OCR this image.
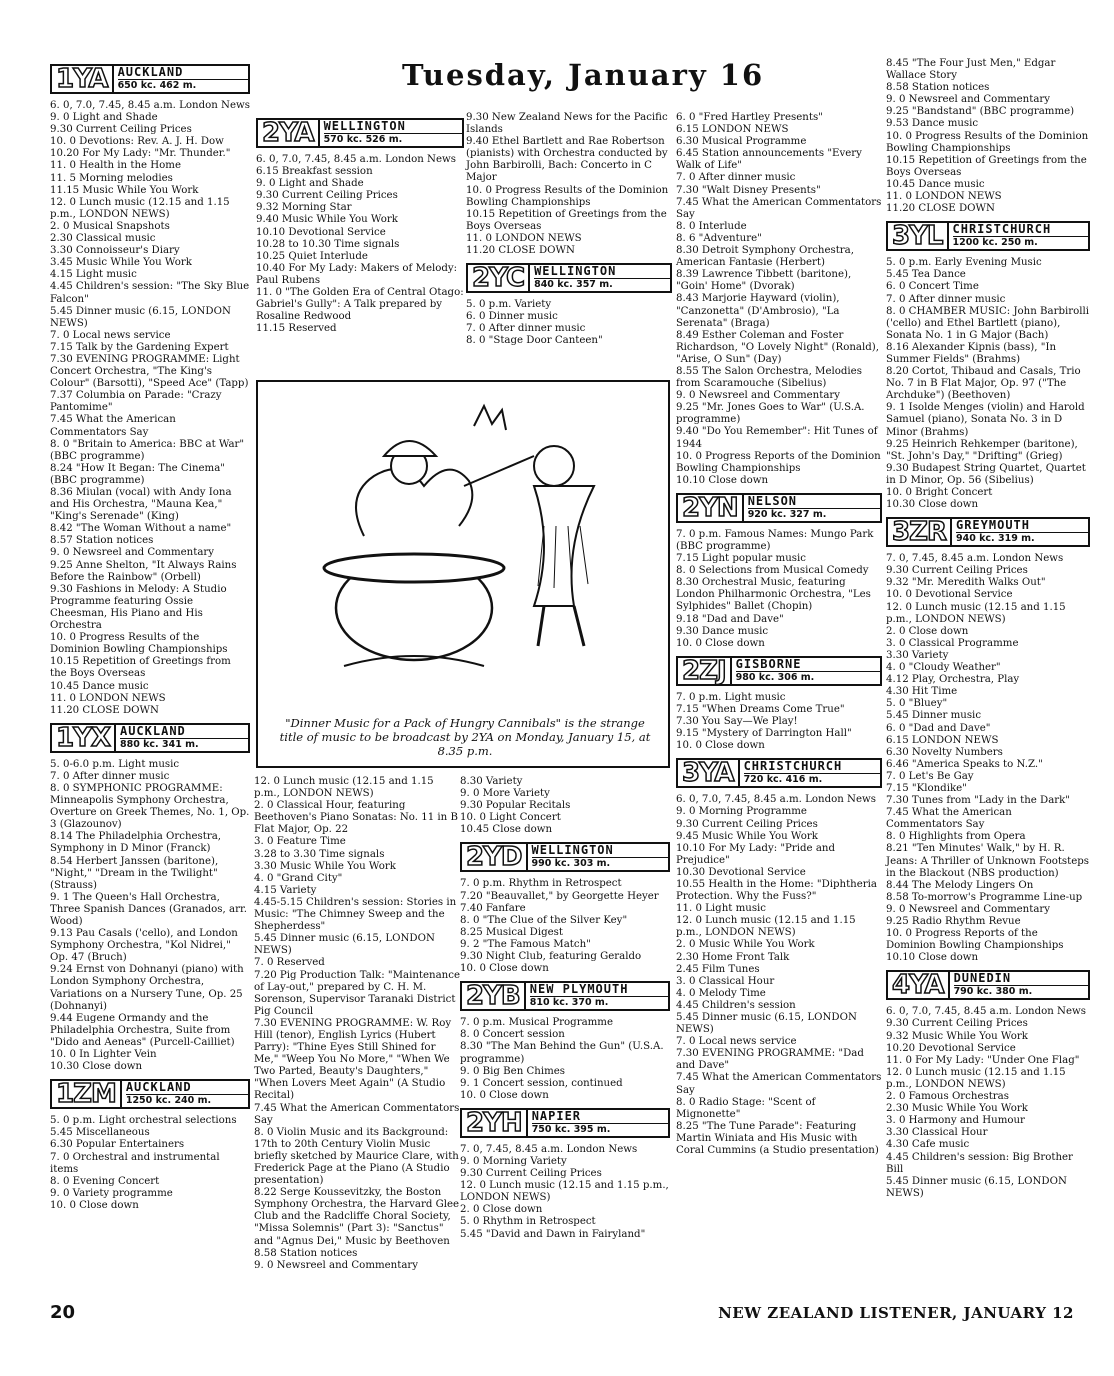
Tuesday, January 16
1YA AUCKLAND
650 kc. 462 m.
6. 0, 7.0, 7.45, 8.45 a.m. London News
9. 0 Light and Shade
9.30 Current Ceiling Prices
10. 0 Devotions: Rev. A. J. H. Dow
10.20 For My Lady: "Mr. Thunder."
11. 0 Health in the Home
11. 5 Morning melodies
11.15 Music While You Work
12. 0 Lunch music (12.15 and 1.15 p.m., LONDON NEWS)
2. 0 Musical Snapshots
2.30 Classical music
3.30 Connoisseur's Diary
3.45 Music While You Work
4.15 Light music
4.45 Children's session: "The Sky Blue Falcon"
5.45 Dinner music (6.15, LONDON NEWS)
7. 0 Local news service
7.15 Talk by the Gardening Expert
7.30 EVENING PROGRAMME: Light Concert Orchestra, "The King's Colour" (Barsotti), "Speed Ace" (Tapp)
7.37 Columbia on Parade: "Crazy Pantomime"
7.45 What the American Commentators Say
8. 0 "Britain to America: BBC at War" (BBC programme)
8.24 "How It Began: The Cinema" (BBC programme)
8.36 Miulan (vocal) with Andy Iona and His Orchestra, "Mauna Kea," "King's Serenade" (King)
8.42 "The Woman Without a name"
8.57 Station notices
9. 0 Newsreel and Commentary
9.25 Anne Shelton, "It Always Rains Before the Rainbow" (Orbell)
9.30 Fashions in Melody: A Studio Programme featuring Ossie Cheesman, His Piano and His Orchestra
10. 0 Progress Results of the Dominion Bowling Championships
10.15 Repetition of Greetings from the Boys Overseas
10.45 Dance music
11. 0 LONDON NEWS
11.20 CLOSE DOWN
1YX AUCKLAND
880 kc. 341 m.
5. 0-6.0 p.m. Light music
7. 0 After dinner music
8. 0 SYMPHONIC PROGRAMME: Minneapolis Symphony Orchestra, Overture on Greek Themes, No. 1, Op. 3 (Glazounov)
8.14 The Philadelphia Orchestra, Symphony in D Minor (Franck)
8.54 Herbert Janssen (baritone), "Night," "Dream in the Twilight" (Strauss)
9. 1 The Queen's Hall Orchestra, Three Spanish Dances (Granados, arr. Wood)
9.13 Pau Casals ('cello), and London Symphony Orchestra, "Kol Nidrei," Op. 47 (Bruch)
9.24 Ernst von Dohnanyi (piano) with London Symphony Orchestra, Variations on a Nursery Tune, Op. 25 (Dohnanyi)
9.44 Eugene Ormandy and the Philadelphia Orchestra, Suite from "Dido and Aeneas" (Purcell-Cailliet)
10. 0 In Lighter Vein
10.30 Close down
1ZM AUCKLAND
1250 kc. 240 m.
5. 0 p.m. Light orchestral selections
5.45 Miscellaneous
6.30 Popular Entertainers
7. 0 Orchestral and instrumental items
8. 0 Evening Concert
9. 0 Variety programme
10. 0 Close down
2YA WELLINGTON
570 kc. 526 m.
6. 0, 7.0, 7.45, 8.45 a.m. London News
6.15 Breakfast session
9. 0 Light and Shade
9.30 Current Ceiling Prices
9.32 Morning Star
9.40 Music While You Work
10.10 Devotional Service
10.28 to 10.30 Time signals
10.25 Quiet Interlude
10.40 For My Lady: Makers of Melody: Paul Rubens
11. 0 "The Golden Era of Central Otago: Gabriel's Gully": A Talk prepared by Rosaline Redwood
11.15 Reserved
9.30 New Zealand News for the Pacific Islands
9.40 Ethel Bartlett and Rae Robertson (pianists) with Orchestra conducted by John Barbirolli, Bach: Concerto in C Major
10. 0 Progress Results of the Dominion Bowling Championships
10.15 Repetition of Greetings from the Boys Overseas
11. 0 LONDON NEWS
11.20 CLOSE DOWN
2YC WELLINGTON
840 kc. 357 m.
5. 0 p.m. Variety
6. 0 Dinner music
7. 0 After dinner music
8. 0 "Stage Door Canteen"
"Dinner Music for a Pack of Hungry Cannibals" is the strange title of music to be broadcast by 2YA on Monday, January 15, at 8.35 p.m.
12. 0 Lunch music (12.15 and 1.15 p.m., LONDON NEWS)
2. 0 Classical Hour, featuring Beethoven's Piano Sonatas: No. 11 in B Flat Major, Op. 22
3. 0 Feature Time
3.28 to 3.30 Time signals
3.30 Music While You Work
4. 0 "Grand City"
4.15 Variety
4.45-5.15 Children's session: Stories in Music: "The Chimney Sweep and the Shepherdess"
5.45 Dinner music (6.15, LONDON NEWS)
7. 0 Reserved
7.20 Pig Production Talk: "Maintenance of Lay-out," prepared by C. H. M. Sorenson, Supervisor Taranaki District Pig Council
7.30 EVENING PROGRAMME: W. Roy Hill (tenor), English Lyrics (Hubert Parry): "Thine Eyes Still Shined for Me," "Weep You No More," "When We Two Parted, Beauty's Daughters," "When Lovers Meet Again" (A Studio Recital)
7.45 What the American Commentators Say
8. 0 Violin Music and its Background: 17th to 20th Century Violin Music briefly sketched by Maurice Clare, with Frederick Page at the Piano (A Studio presentation)
8.22 Serge Koussevitzky, the Boston Symphony Orchestra, the Harvard Glee Club and the Radcliffe Choral Society, "Missa Solemnis" (Part 3): "Sanctus" and "Agnus Dei," Music by Beethoven
8.58 Station notices
9. 0 Newsreel and Commentary
8.30 Variety
9. 0 More Variety
9.30 Popular Recitals
10. 0 Light Concert
10.45 Close down
2YD WELLINGTON
990 kc. 303 m.
7. 0 p.m. Rhythm in Retrospect
7.20 "Beauvallet," by Georgette Heyer
7.40 Fanfare
8. 0 "The Clue of the Silver Key"
8.25 Musical Digest
9. 2 "The Famous Match"
9.30 Night Club, featuring Geraldo
10. 0 Close down
2YB NEW PLYMOUTH
810 kc. 370 m.
7. 0 p.m. Musical Programme
8. 0 Concert session
8.30 "The Man Behind the Gun" (U.S.A. programme)
9. 0 Big Ben Chimes
9. 1 Concert session, continued
10. 0 Close down
2YH NAPIER
750 kc. 395 m.
7. 0, 7.45, 8.45 a.m. London News
9. 0 Morning Variety
9.30 Current Ceiling Prices
12. 0 Lunch music (12.15 and 1.15 p.m., LONDON NEWS)
2. 0 Close down
5. 0 Rhythm in Retrospect
5.45 "David and Dawn in Fairyland"
6. 0 "Fred Hartley Presents"
6.15 LONDON NEWS
6.30 Musical Programme
6.45 Station announcements "Every Walk of Life"
7. 0 After dinner music
7.30 "Walt Disney Presents"
7.45 What the American Commentators Say
8. 0 Interlude
8. 6 "Adventure"
8.30 Detroit Symphony Orchestra, American Fantasie (Herbert)
8.39 Lawrence Tibbett (baritone), "Goin' Home" (Dvorak)
8.43 Marjorie Hayward (violin), "Canzonetta" (D'Ambrosio), "La Serenata" (Braga)
8.49 Esther Coleman and Foster Richardson, "O Lovely Night" (Ronald), "Arise, O Sun" (Day)
8.55 The Salon Orchestra, Melodies from Scaramouche (Sibelius)
9. 0 Newsreel and Commentary
9.25 "Mr. Jones Goes to War" (U.S.A. programme)
9.40 "Do You Remember": Hit Tunes of 1944
10. 0 Progress Reports of the Dominion Bowling Championships
10.10 Close down
2YN NELSON
920 kc. 327 m.
7. 0 p.m. Famous Names: Mungo Park (BBC programme)
7.15 Light popular music
8. 0 Selections from Musical Comedy
8.30 Orchestral Music, featuring London Philharmonic Orchestra, "Les Sylphides" Ballet (Chopin)
9.18 "Dad and Dave"
9.30 Dance music
10. 0 Close down
2ZJ GISBORNE
980 kc. 306 m.
7. 0 p.m. Light music
7.15 "When Dreams Come True"
7.30 You Say—We Play!
9.15 "Mystery of Darrington Hall"
10. 0 Close down
3YA CHRISTCHURCH
720 kc. 416 m.
6. 0, 7.0, 7.45, 8.45 a.m. London News
9. 0 Morning Programme
9.30 Current Ceiling Prices
9.45 Music While You Work
10.10 For My Lady: "Pride and Prejudice"
10.30 Devotional Service
10.55 Health in the Home: "Diphtheria Protection. Why the Fuss?"
11. 0 Light music
12. 0 Lunch music (12.15 and 1.15 p.m., LONDON NEWS)
2. 0 Music While You Work
2.30 Home Front Talk
2.45 Film Tunes
3. 0 Classical Hour
4. 0 Melody Time
4.45 Children's session
5.45 Dinner music (6.15, LONDON NEWS)
7. 0 Local news service
7.30 EVENING PROGRAMME: "Dad and Dave"
7.45 What the American Commentators Say
8. 0 Radio Stage: "Scent of Mignonette"
8.25 "The Tune Parade": Featuring Martin Winiata and His Music with Coral Cummins (a Studio presentation)
8.45 "The Four Just Men," Edgar Wallace Story
8.58 Station notices
9. 0 Newsreel and Commentary
9.25 "Bandstand" (BBC programme)
9.53 Dance music
10. 0 Progress Results of the Dominion Bowling Championships
10.15 Repetition of Greetings from the Boys Overseas
10.45 Dance music
11. 0 LONDON NEWS
11.20 CLOSE DOWN
3YL CHRISTCHURCH
1200 kc. 250 m.
5. 0 p.m. Early Evening Music
5.45 Tea Dance
6. 0 Concert Time
7. 0 After dinner music
8. 0 CHAMBER MUSIC: John Barbirolli ('cello) and Ethel Bartlett (piano), Sonata No. 1 in G Major (Bach)
8.16 Alexander Kipnis (bass), "In Summer Fields" (Brahms)
8.20 Cortot, Thibaud and Casals, Trio No. 7 in B Flat Major, Op. 97 ("The Archduke") (Beethoven)
9. 1 Isolde Menges (violin) and Harold Samuel (piano), Sonata No. 3 in D Minor (Brahms)
9.25 Heinrich Rehkemper (baritone), "St. John's Day," "Drifting" (Grieg)
9.30 Budapest String Quartet, Quartet in D Minor, Op. 56 (Sibelius)
10. 0 Bright Concert
10.30 Close down
3ZR GREYMOUTH
940 kc. 319 m.
7. 0, 7.45, 8.45 a.m. London News
9.30 Current Ceiling Prices
9.32 "Mr. Meredith Walks Out"
10. 0 Devotional Service
12. 0 Lunch music (12.15 and 1.15 p.m., LONDON NEWS)
2. 0 Close down
3. 0 Classical Programme
3.30 Variety
4. 0 "Cloudy Weather"
4.12 Play, Orchestra, Play
4.30 Hit Time
5. 0 "Bluey"
5.45 Dinner music
6. 0 "Dad and Dave"
6.15 LONDON NEWS
6.30 Novelty Numbers
6.46 "America Speaks to N.Z."
7. 0 Let's Be Gay
7.15 "Klondike"
7.30 Tunes from "Lady in the Dark"
7.45 What the American Commentators Say
8. 0 Highlights from Opera
8.21 "Ten Minutes' Walk," by H. R. Jeans: A Thriller of Unknown Footsteps in the Blackout (NBS production)
8.44 The Melody Lingers On
8.58 To-morrow's Programme Line-up
9. 0 Newsreel and Commentary
9.25 Radio Rhythm Revue
10. 0 Progress Reports of the Dominion Bowling Championships
10.10 Close down
4YA DUNEDIN
790 kc. 380 m.
6. 0, 7.0, 7.45, 8.45 a.m. London News
9.30 Current Ceiling Prices
9.32 Music While You Work
10.20 Devotional Service
11. 0 For My Lady: "Under One Flag"
12. 0 Lunch music (12.15 and 1.15 p.m., LONDON NEWS)
2. 0 Famous Orchestras
2.30 Music While You Work
3. 0 Harmony and Humour
3.30 Classical Hour
4.30 Cafe music
4.45 Children's session: Big Brother Bill
5.45 Dinner music (6.15, LONDON NEWS)
20	NEW ZEALAND LISTENER, JANUARY 12
